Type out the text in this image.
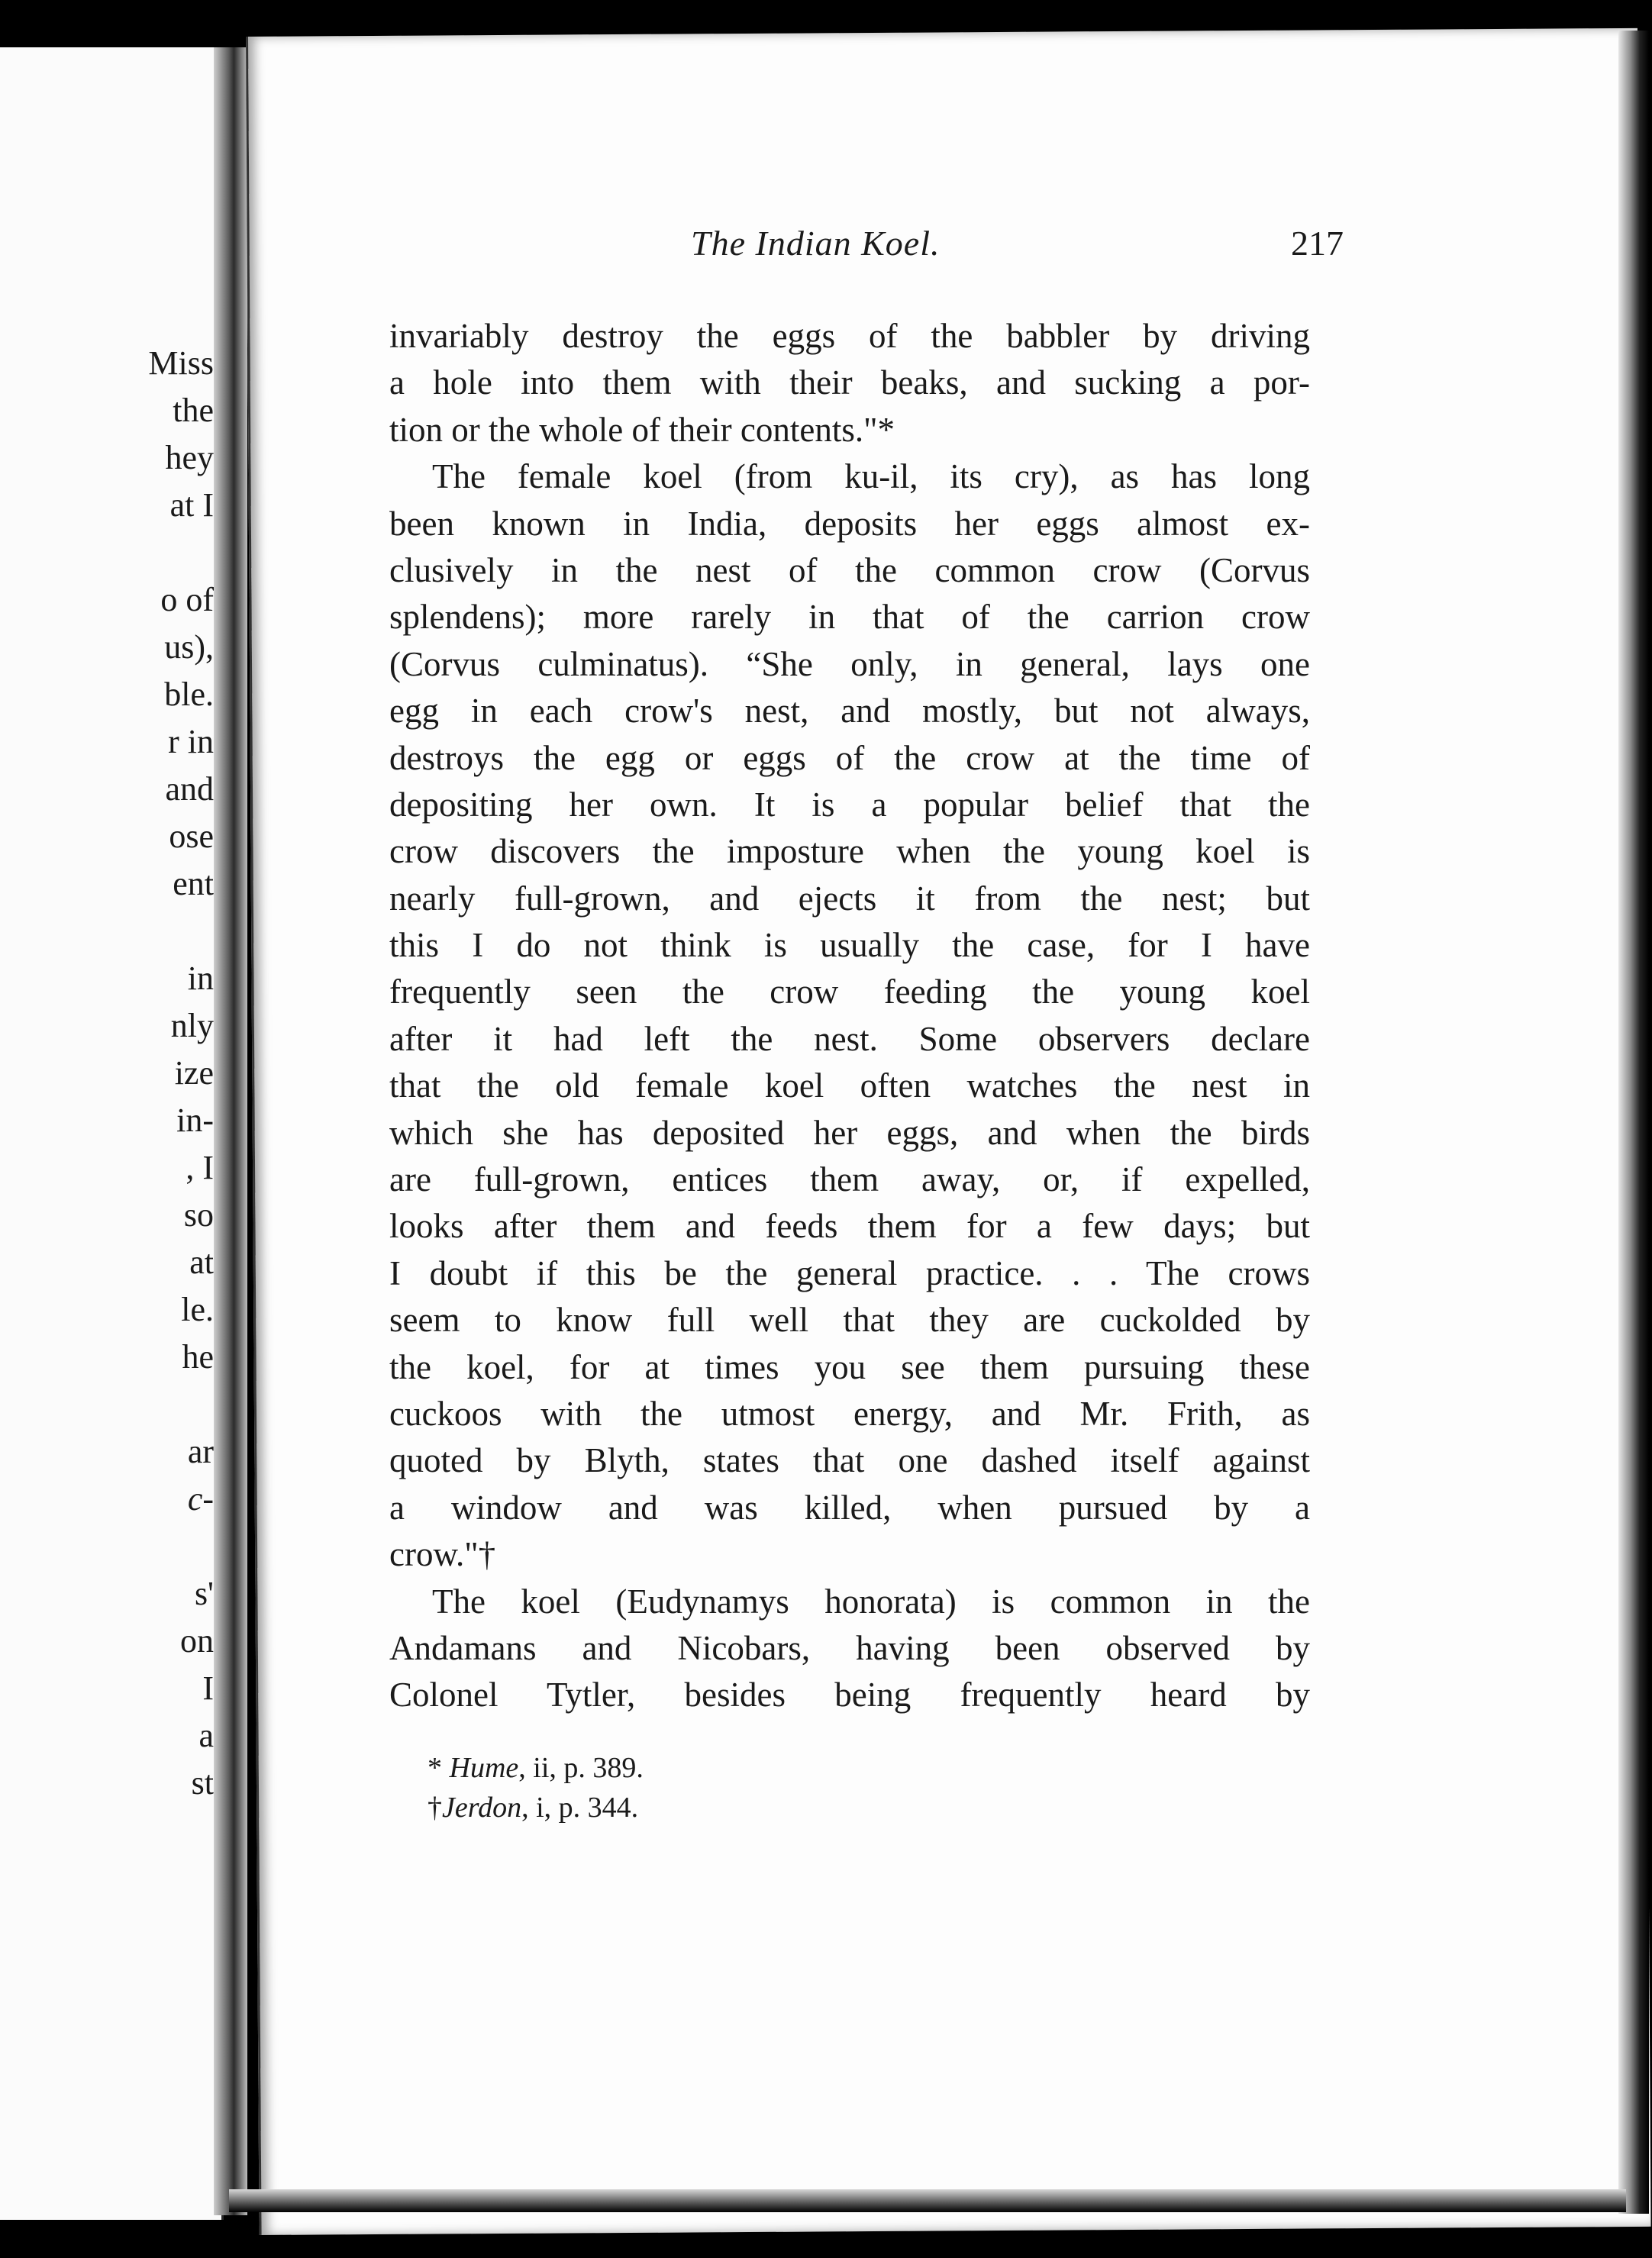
Miss
the
hey
at I
o of
us),
ble.
r in
and
ose
ent
in
nly
ize
in-
, I
so
at
le.
he
ar
c-
s'
on
I
a
st
The Indian Koel.	217
invariably destroy the eggs of the babbler by driving
a hole into them with their beaks, and sucking a por-
tion or the whole of their contents."*
The female koel (from ku-il, its cry), as has long
been known in India, deposits her eggs almost ex-
clusively in the nest of the common crow (Corvus
splendens); more rarely in that of the carrion crow
(Corvus culminatus). “She only, in general, lays one
egg in each crow's nest, and mostly, but not always,
destroys the egg or eggs of the crow at the time of
depositing her own. It is a popular belief that the
crow discovers the imposture when the young koel is
nearly full-grown, and ejects it from the nest; but
this I do not think is usually the case, for I have
frequently seen the crow feeding the young koel
after it had left the nest. Some observers declare
that the old female koel often watches the nest in
which she has deposited her eggs, and when the birds
are full-grown, entices them away, or, if expelled,
looks after them and feeds them for a few days; but
I doubt if this be the general practice. . . The crows
seem to know full well that they are cuckolded by
the koel, for at times you see them pursuing these
cuckoos with the utmost energy, and Mr. Frith, as
quoted by Blyth, states that one dashed itself against
a window and was killed, when pursued by a
crow."†
The koel (Eudynamys honorata) is common in the
Andamans and Nicobars, having been observed by
Colonel Tytler, besides being frequently heard by
* Hume, ii, p. 389.
†Jerdon, i, p. 344.
